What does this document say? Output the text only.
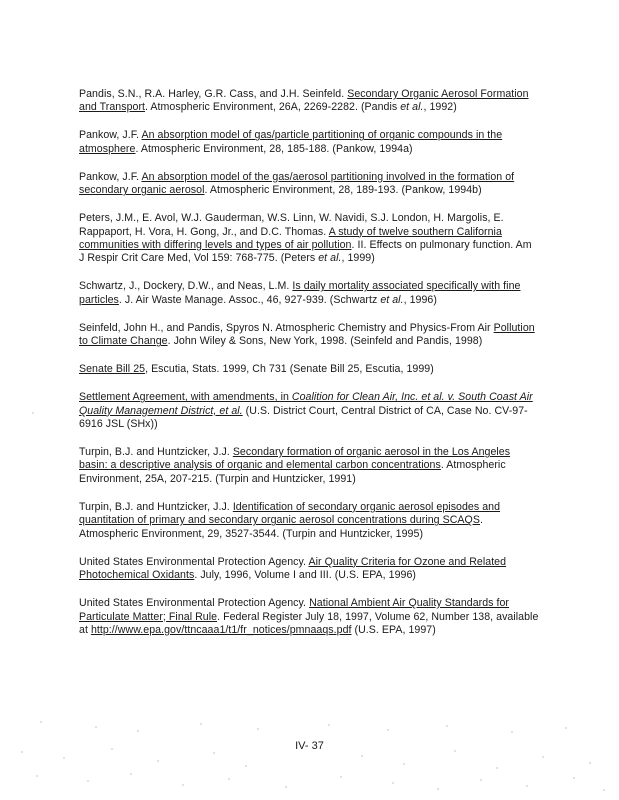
Pandis, S.N., R.A. Harley, G.R. Cass, and J.H. Seinfeld. Secondary Organic Aerosol Formation and Transport. Atmospheric Environment, 26A, 2269-2282. (Pandis et al., 1992)

Pankow, J.F. An absorption model of gas/particle partitioning of organic compounds in the atmosphere. Atmospheric Environment, 28, 185-188. (Pankow, 1994a)

Pankow, J.F. An absorption model of the gas/aerosol partitioning involved in the formation of secondary organic aerosol. Atmospheric Environment, 28, 189-193. (Pankow, 1994b)

Peters, J.M., E. Avol, W.J. Gauderman, W.S. Linn, W. Navidi, S.J. London, H. Margolis, E. Rappaport, H. Vora, H. Gong, Jr., and D.C. Thomas. A study of twelve southern California communities with differing levels and types of air pollution. II. Effects on pulmonary function. Am J Respir Crit Care Med, Vol 159: 768-775. (Peters et al., 1999)

Schwartz, J., Dockery, D.W., and Neas, L.M. Is daily mortality associated specifically with fine particles. J. Air Waste Manage. Assoc., 46, 927-939. (Schwartz et al., 1996)

Seinfeld, John H., and Pandis, Spyros N. Atmospheric Chemistry and Physics-From Air Pollution to Climate Change. John Wiley & Sons, New York, 1998. (Seinfeld and Pandis, 1998)

Senate Bill 25, Escutia, Stats. 1999, Ch 731 (Senate Bill 25, Escutia, 1999)

Settlement Agreement, with amendments, in Coalition for Clean Air, Inc. et al. v. South Coast Air Quality Management District, et al. (U.S. District Court, Central District of CA, Case No. CV-97-6916 JSL (SHx))

Turpin, B.J. and Huntzicker, J.J. Secondary formation of organic aerosol in the Los Angeles basin: a descriptive analysis of organic and elemental carbon concentrations. Atmospheric Environment, 25A, 207-215. (Turpin and Huntzicker, 1991)

Turpin, B.J. and Huntzicker, J.J. Identification of secondary organic aerosol episodes and quantitation of primary and secondary organic aerosol concentrations during SCAQS. Atmospheric Environment, 29, 3527-3544. (Turpin and Huntzicker, 1995)

United States Environmental Protection Agency. Air Quality Criteria for Ozone and Related Photochemical Oxidants. July, 1996, Volume I and III. (U.S. EPA, 1996)

United States Environmental Protection Agency. National Ambient Air Quality Standards for Particulate Matter; Final Rule. Federal Register July 18, 1997, Volume 62, Number 138, available at http://www.epa.gov/ttncaaa1/t1/fr_notices/pmnaaqs.pdf (U.S. EPA, 1997)

IV- 37
